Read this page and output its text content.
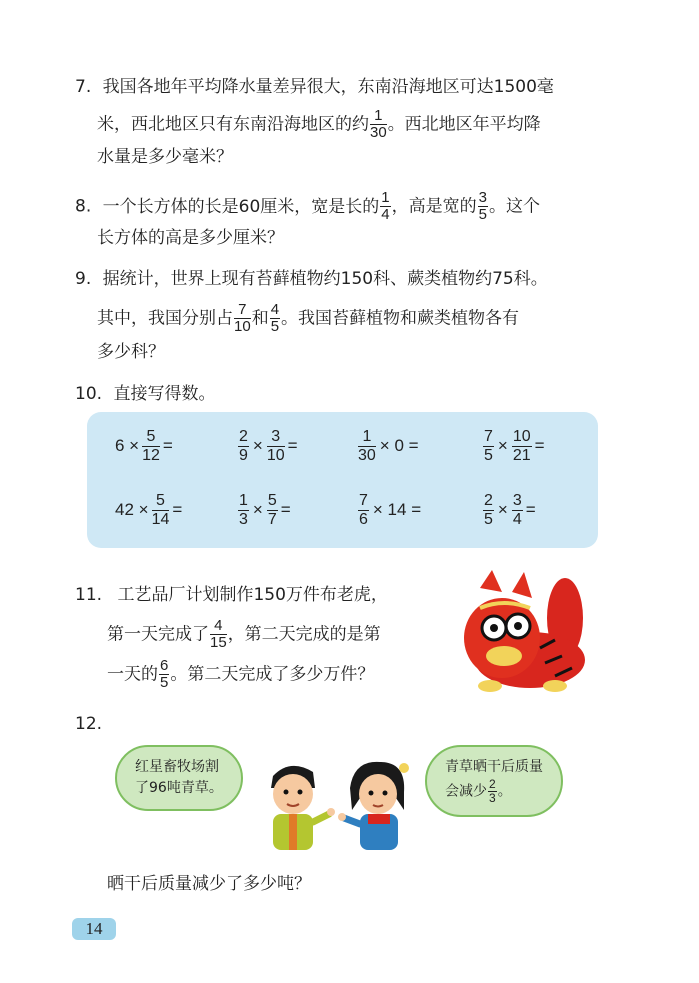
7. 我国各地年平均降水量差异很大，东南沿海地区可达1500毫
米，西北地区只有东南沿海地区的约 $\frac{1}{30}$ 。西北地区年平均降
水量是多少毫米？
8. 一个长方体的长是60厘米，宽是长的 $\frac{1}{4}$ ，高是宽的 $\frac{3}{5}$ 。这个
长方体的高是多少厘米？
9. 据统计，世界上现有苔藓植物约150科、蕨类植物约75科。
其中，我国分别占 $\frac{7}{10}$ 和 $\frac{4}{5}$ 。我国苔藓植物和蕨类植物各有
多少科？
10. 直接写得数。
$6 \times \frac{5}{12}$ =	$\frac{2}{9} \times \frac{3}{10}$ =	$\frac{1}{30} \times 0$ =	$\frac{7}{5} \times \frac{10}{21}$ =
$42 \times \frac{5}{14}$ =	$\frac{1}{3} \times \frac{5}{7}$ =	$\frac{7}{6} \times 14$ =	$\frac{2}{5} \times \frac{3}{4}$ =
11. 工艺品厂计划制作150万件布老虎，
第一天完成了 $\frac{4}{15}$ ，第二天完成的是第
一天的 $\frac{6}{5}$ 。第二天完成了多少万件？
12.
红星畜牧场割
了96吨青草。
青草晒干后质量
会减少 $\frac{2}{3}$ 。
晒干后质量减少了多少吨？
14
